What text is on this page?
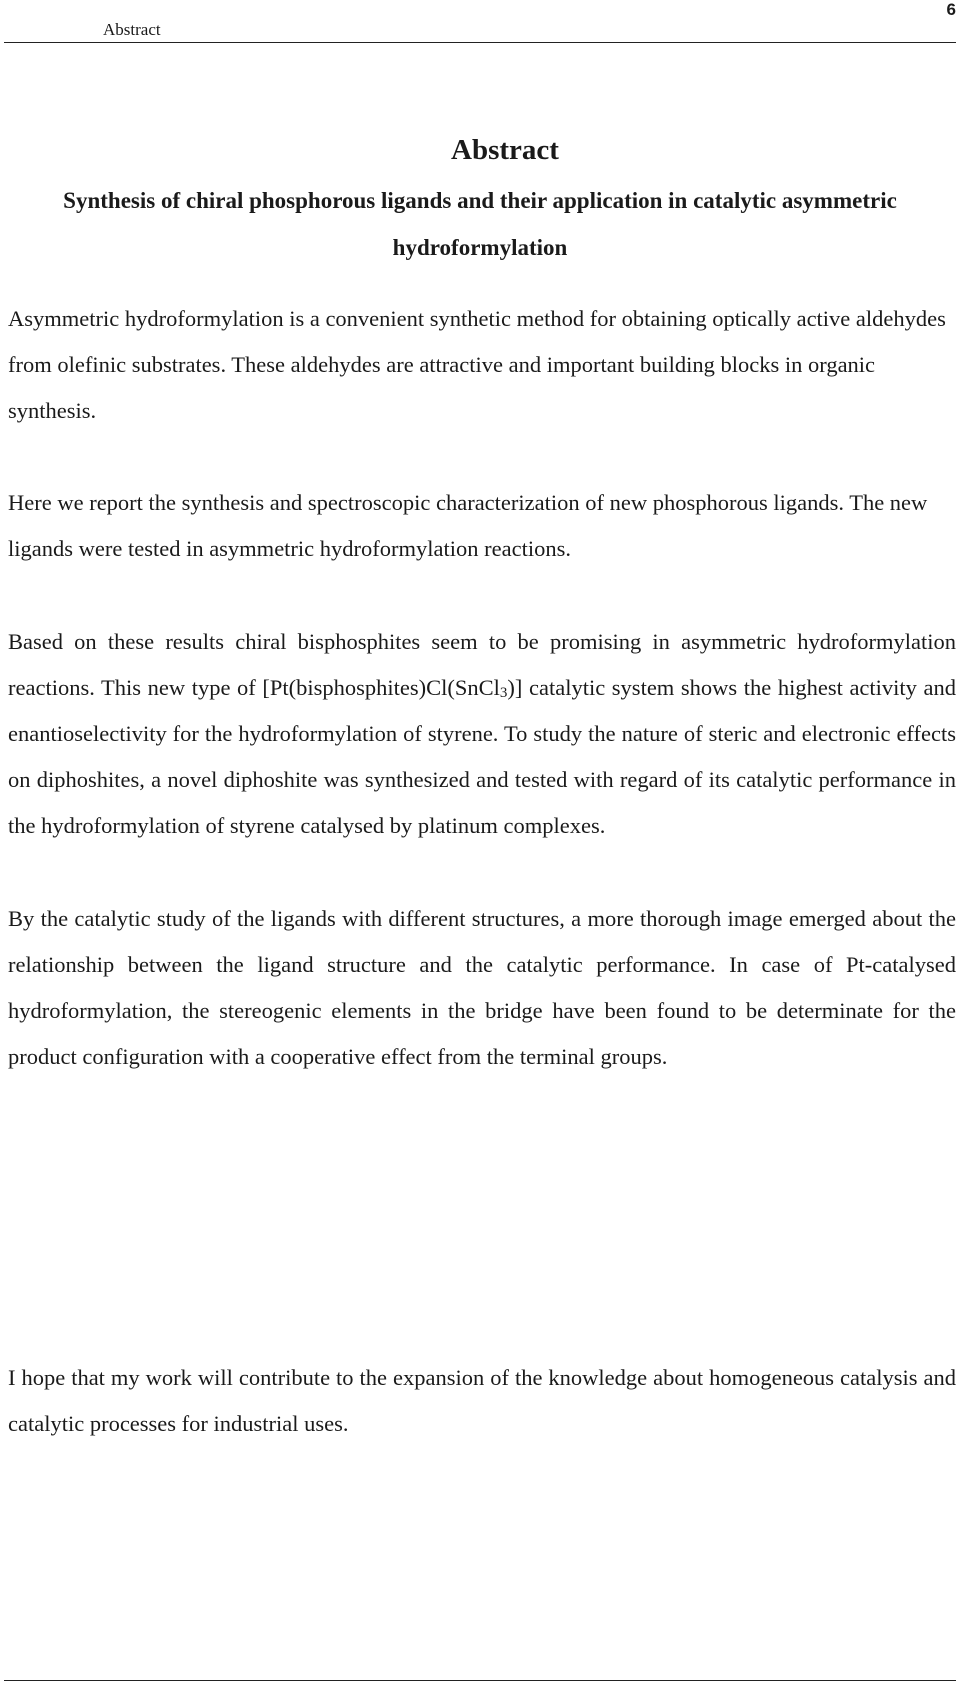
Abstract
6
Abstract
Synthesis of chiral phosphorous ligands and their application in catalytic asymmetric hydroformylation

Asymmetric hydroformylation is a convenient synthetic method for obtaining optically active aldehydes from olefinic substrates. These aldehydes are attractive and important building blocks in organic synthesis.

Here we report the synthesis and spectroscopic characterization of new phosphorous ligands. The new ligands were tested in asymmetric hydroformylation reactions.

Based on these results chiral bisphosphites seem to be promising in asymmetric hydroformylation reactions. This new type of [Pt(bisphosphites)Cl(SnCl$_3$)] catalytic system shows the highest activity and enantioselectivity for the hydroformylation of styrene. To study the nature of steric and electronic effects on diphoshites, a novel diphoshite was synthesized and tested with regard of its catalytic performance in the hydroformylation of styrene catalysed by platinum complexes.

By the catalytic study of the ligands with different structures, a more thorough image emerged about the relationship between the ligand structure and the catalytic performance. In case of Pt-catalysed hydroformylation, the stereogenic elements in the bridge have been found to be determinate for the product configuration with a cooperative effect from the terminal groups.

I hope that my work will contribute to the expansion of the knowledge about homogeneous catalysis and catalytic processes for industrial uses.
